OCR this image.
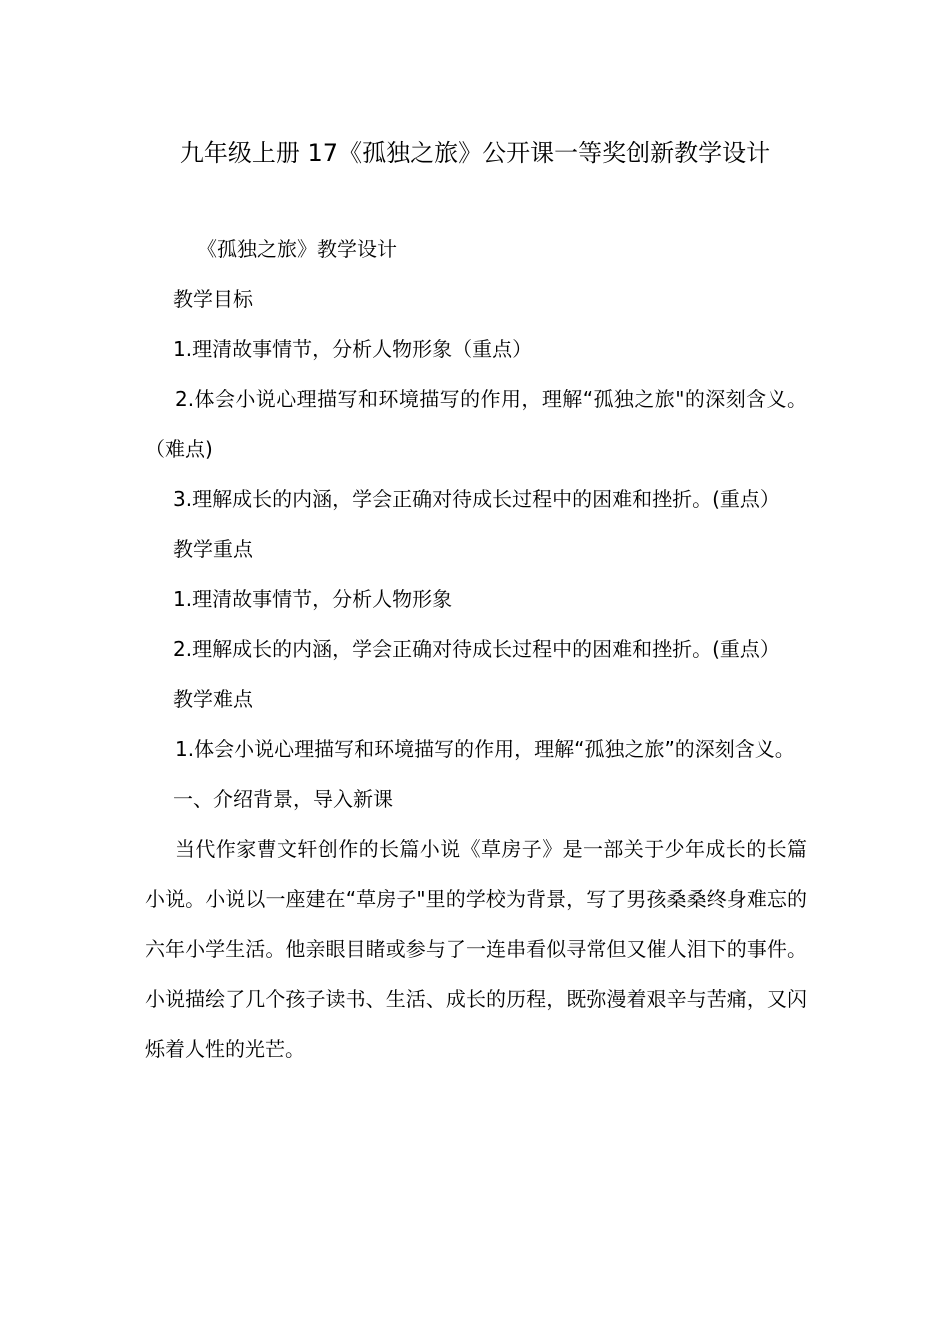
九年级上册 17《孤独之旅》公开课一等奖创新教学设计

《孤独之旅》教学设计

教学目标

1.理清故事情节，分析人物形象（重点）

2.体会小说心理描写和环境描写的作用，理解“孤独之旅"的深刻含义。（难点)

3.理解成长的内涵，学会正确对待成长过程中的困难和挫折。(重点）

教学重点

1.理清故事情节，分析人物形象

2.理解成长的内涵，学会正确对待成长过程中的困难和挫折。(重点）

教学难点

1.体会小说心理描写和环境描写的作用，理解“孤独之旅”的深刻含义。

一、介绍背景，导入新课

当代作家曹文轩创作的长篇小说《草房子》是一部关于少年成长的长篇小说。小说以一座建在“草房子"里的学校为背景，写了男孩桑桑终身难忘的六年小学生活。他亲眼目睹或参与了一连串看似寻常但又催人泪下的事件。小说描绘了几个孩子读书、生活、成长的历程，既弥漫着艰辛与苦痛，又闪烁着人性的光芒。
